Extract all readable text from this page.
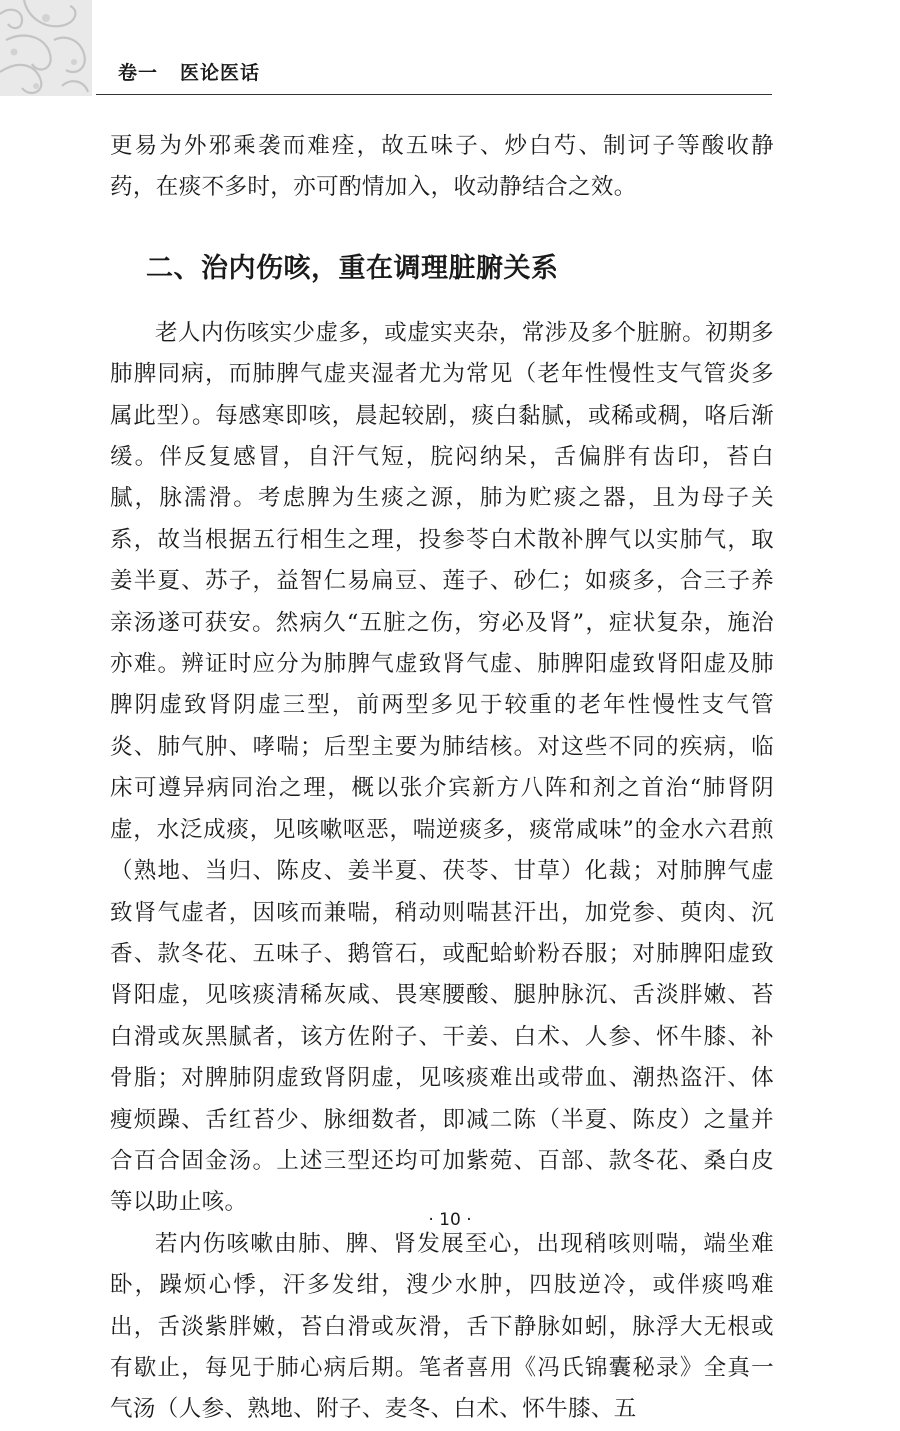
卷一 医论医话

更易为外邪乘袭而难痊，故五味子、炒白芍、制诃子等酸收静药，在痰不多时，亦可酌情加入，收动静结合之效。

二、治内伤咳，重在调理脏腑关系

老人内伤咳实少虚多，或虚实夹杂，常涉及多个脏腑。初期多肺脾同病，而肺脾气虚夹湿者尤为常见（老年性慢性支气管炎多属此型）。每感寒即咳，晨起较剧，痰白黏腻，或稀或稠，咯后渐缓。伴反复感冒，自汗气短，脘闷纳呆，舌偏胖有齿印，苔白腻，脉濡滑。考虑脾为生痰之源，肺为贮痰之器，且为母子关系，故当根据五行相生之理，投参苓白术散补脾气以实肺气，取姜半夏、苏子，益智仁易扁豆、莲子、砂仁；如痰多，合三子养亲汤遂可获安。然病久“五脏之伤，穷必及肾”，症状复杂，施治亦难。辨证时应分为肺脾气虚致肾气虚、肺脾阳虚致肾阳虚及肺脾阴虚致肾阴虚三型，前两型多见于较重的老年性慢性支气管炎、肺气肿、哮喘；后型主要为肺结核。对这些不同的疾病，临床可遵异病同治之理，概以张介宾新方八阵和剂之首治“肺肾阴虚，水泛成痰，见咳嗽呕恶，喘逆痰多，痰常咸味”的金水六君煎（熟地、当归、陈皮、姜半夏、茯苓、甘草）化裁；对肺脾气虚致肾气虚者，因咳而兼喘，稍动则喘甚汗出，加党参、萸肉、沉香、款冬花、五味子、鹅管石，或配蛤蚧粉吞服；对肺脾阳虚致肾阳虚，见咳痰清稀灰咸、畏寒腰酸、腿肿脉沉、舌淡胖嫩、苔白滑或灰黑腻者，该方佐附子、干姜、白术、人参、怀牛膝、补骨脂；对脾肺阴虚致肾阴虚，见咳痰难出或带血、潮热盗汗、体瘦烦躁、舌红苔少、脉细数者，即减二陈（半夏、陈皮）之量并合百合固金汤。上述三型还均可加紫菀、百部、款冬花、桑白皮等以助止咳。

若内伤咳嗽由肺、脾、肾发展至心，出现稍咳则喘，端坐难卧，躁烦心悸，汗多发绀，溲少水肿，四肢逆冷，或伴痰鸣难出，舌淡紫胖嫩，苔白滑或灰滑，舌下静脉如蚓，脉浮大无根或有歇止，每见于肺心病后期。笔者喜用《冯氏锦囊秘录》全真一气汤（人参、熟地、附子、麦冬、白术、怀牛膝、五

· 10 ·
